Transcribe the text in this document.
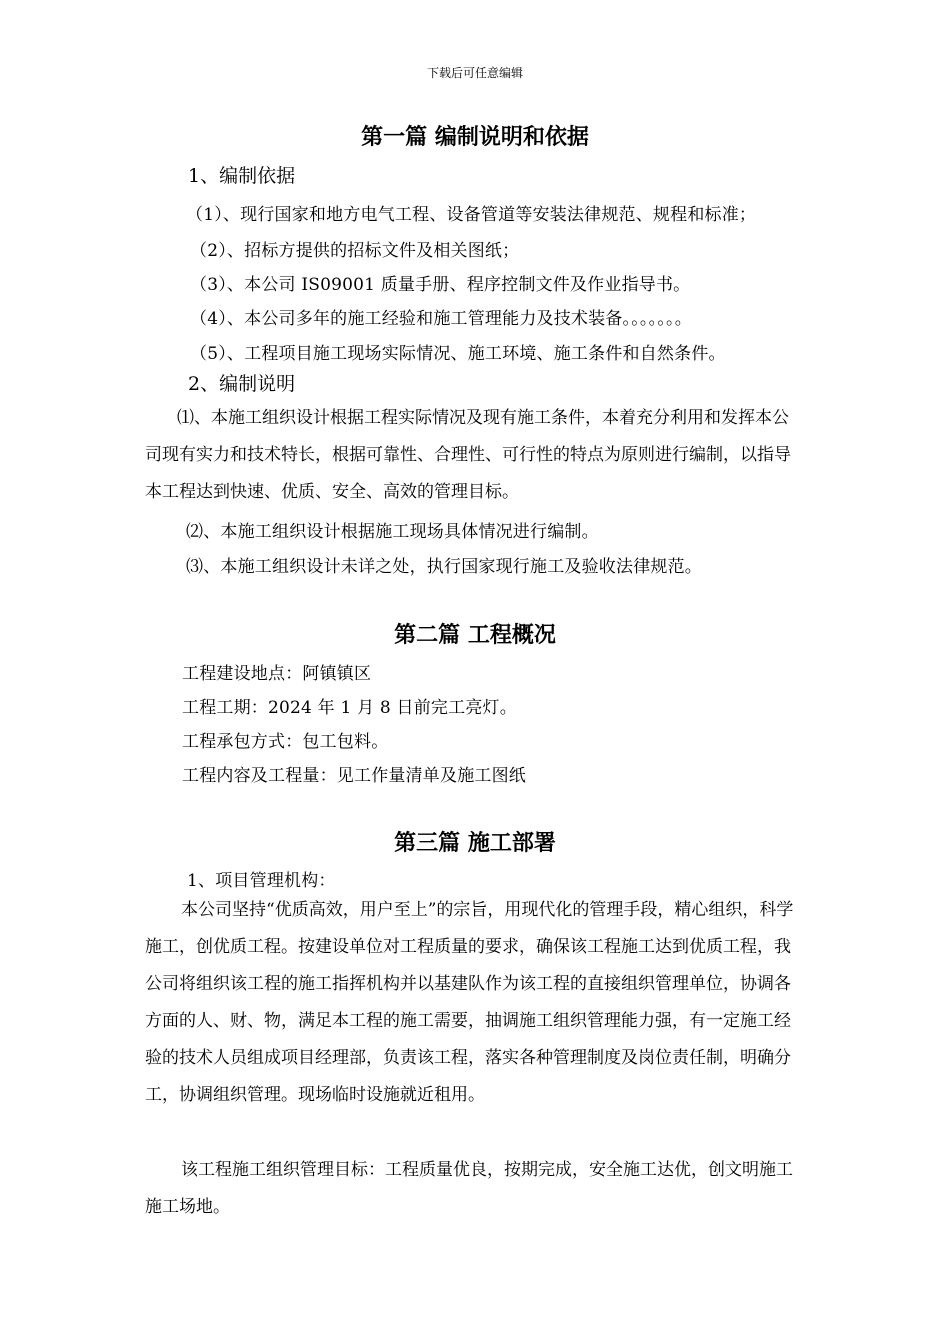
下载后可任意编辑
第一篇 编制说明和依据
1、编制依据
（1）、现行国家和地方电气工程、设备管道等安装法律规范、规程和标准；
（2）、招标方提供的招标文件及相关图纸；
（3）、本公司 IS09001 质量手册、程序控制文件及作业指导书。
（4）、本公司多年的施工经验和施工管理能力及技术装备。。。。。。。
（5）、工程项目施工现场实际情况、施工环境、施工条件和自然条件。
2、编制说明
⑴、本施工组织设计根据工程实际情况及现有施工条件，本着充分利用和发挥本公司现有实力和技术特长，根据可靠性、合理性、可行性的特点为原则进行编制，以指导本工程达到快速、优质、安全、高效的管理目标。
⑵、本施工组织设计根据施工现场具体情况进行编制。
⑶、本施工组织设计未详之处，执行国家现行施工及验收法律规范。
第二篇 工程概况
工程建设地点：阿镇镇区
工程工期：2024 年 1 月 8 日前完工亮灯。
工程承包方式：包工包料。
工程内容及工程量：见工作量清单及施工图纸
第三篇 施工部署
1、项目管理机构：
本公司坚持“优质高效，用户至上”的宗旨，用现代化的管理手段，精心组织，科学施工，创优质工程。按建设单位对工程质量的要求，确保该工程施工达到优质工程，我公司将组织该工程的施工指挥机构并以基建队作为该工程的直接组织管理单位，协调各方面的人、财、物，满足本工程的施工需要，抽调施工组织管理能力强，有一定施工经验的技术人员组成项目经理部，负责该工程，落实各种管理制度及岗位责任制，明确分工，协调组织管理。现场临时设施就近租用。
该工程施工组织管理目标：工程质量优良，按期完成，安全施工达优，创文明施工施工场地。
